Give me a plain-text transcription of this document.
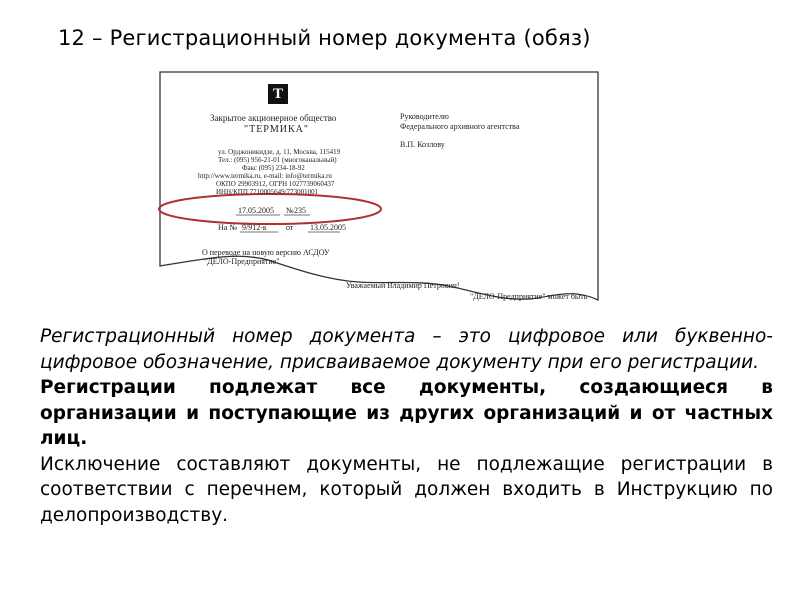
12 – Регистрационный номер документа (обяз)
T
Закрытое акционерное общество
"ТЕРМИКА"
Руководителю
Федерального архивного агентства
В.П. Козлову
ул. Орджоникидзе, д. 11, Москва, 115419
Тел.: (095) 956-21-01 (многоканальный)
Факс (095) 234-18-92
http://www.termika.ru, e-mail: info@termika.ru
ОКПО 29903912, ОГРН 1027739060437
ИНН/КПП 7710005649/773001001
17.05.2005 № 235
На № 9/912-к от 13.05.2005
О переводе на новую версию АСДОУ
"ДЕЛО-Предприятие"
Уважаемый Владимир Петрович!
"ДЕЛО-Предприятие" может быть

Регистрационный номер документа – это цифровое или буквенно-цифровое обозначение, присваиваемое документу при его регистрации.

Регистрации подлежат все документы, создающиеся в организации и поступающие из других организаций и от частных лиц.

Исключение составляют документы, не подлежащие регистрации в соответствии с перечнем, который должен входить в Инструкцию по делопроизводству.
